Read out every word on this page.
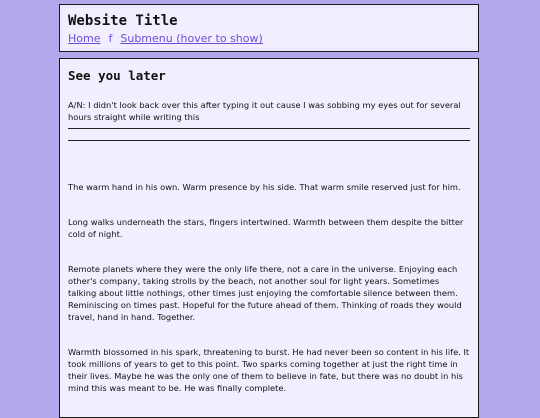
Website Title
Home f Submenu (hover to show)
See you later

A/N: I didn't look back over this after typing it out cause I was sobbing my eyes out for several hours straight while writing this

The warm hand in his own. Warm presence by his side. That warm smile reserved just for him.

Long walks underneath the stars, fingers intertwined. Warmth between them despite the bitter cold of night.

Remote planets where they were the only life there, not a care in the universe. Enjoying each other's company, taking strolls by the beach, not another soul for light years. Sometimes talking about little nothings, other times just enjoying the comfortable silence between them. Reminiscing on times past. Hopeful for the future ahead of them. Thinking of roads they would travel, hand in hand. Together.

Warmth blossomed in his spark, threatening to burst. He had never been so content in his life. It took millions of years to get to this point. Two sparks coming together at just the right time in their lives. Maybe he was the only one of them to believe in fate, but there was no doubt in his mind this was meant to be. He was finally complete.
